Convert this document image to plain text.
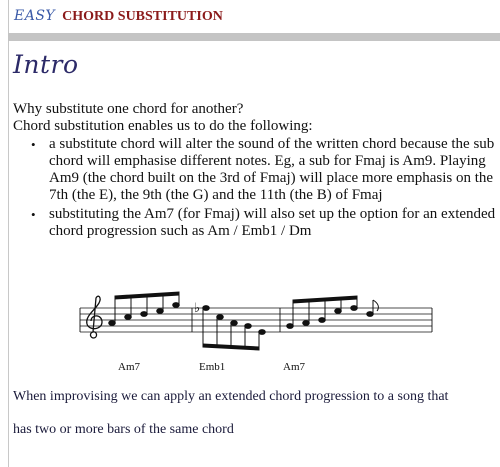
EASY CHORD SUBSTITUTION
Intro
Why substitute one chord for another?
Chord substitution enables us to do the following:
• a substitute chord will alter the sound of the written chord because the sub chord will emphasise different notes. Eg, a sub for Fmaj is Am9. Playing Am9 (the chord built on the 3rd of Fmaj) will place more emphasis on the 7th (the E), the 9th (the G) and the 11th (the B) of Fmaj
• substituting the Am7 (for Fmaj) will also set up the option for an extended chord progression such as Am / Emb1 / Dm
♭
Am7	Emb1	Am7
When improvising we can apply an extended chord progression to a song that
has two or more bars of the same chord
